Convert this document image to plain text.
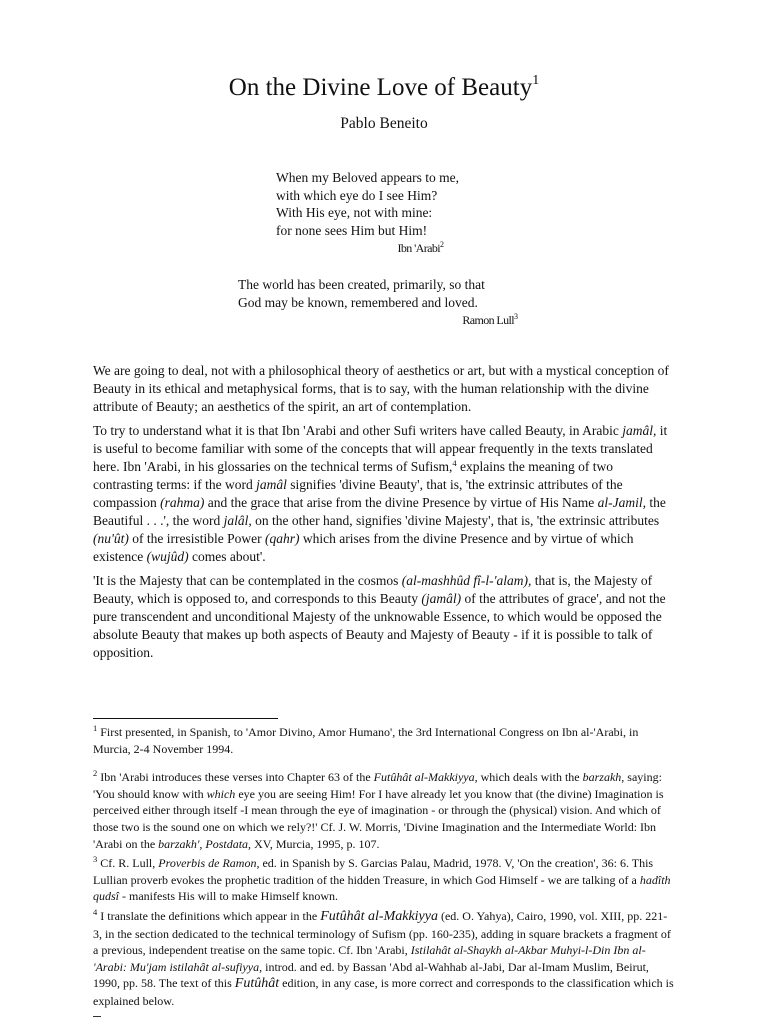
On the Divine Love of Beauty$^1$
Pablo Beneito
When my Beloved appears to me,
with which eye do I see Him?
With His eye, not with mine:
for none sees Him but Him!
Ibn 'Arabi$^2$
The world has been created, primarily, so that
God may be known, remembered and loved.
Ramon Lull$^3$

We are going to deal, not with a philosophical theory of aesthetics or art, but with a mystical conception of Beauty in its ethical and metaphysical forms, that is to say, with the human relationship with the divine attribute of Beauty; an aesthetics of the spirit, an art of contemplation.

To try to understand what it is that Ibn 'Arabi and other Sufi writers have called Beauty, in Arabic jamâl, it is useful to become familiar with some of the concepts that will appear frequently in the texts translated here. Ibn 'Arabi, in his glossaries on the technical terms of Sufism,$^4$ explains the meaning of two contrasting terms: if the word jamâl signifies 'divine Beauty', that is, 'the extrinsic attributes of the compassion (rahma) and the grace that arise from the divine Presence by virtue of His Name al-Jamil, the Beautiful . . .', the word jalâl, on the other hand, signifies 'divine Majesty', that is, 'the extrinsic attributes (nu'ût) of the irresistible Power (qahr) which arises from the divine Presence and by virtue of which existence (wujûd) comes about'.

'It is the Majesty that can be contemplated in the cosmos (al-mashhûd fî-l-'alam), that is, the Majesty of Beauty, which is opposed to, and corresponds to this Beauty (jamâl) of the attributes of grace', and not the pure transcendent and unconditional Majesty of the unknowable Essence, to which would be opposed the absolute Beauty that makes up both aspects of Beauty and Majesty of Beauty - if it is possible to talk of opposition.

$^1$ First presented, in Spanish, to 'Amor Divino, Amor Humano', the 3rd International Congress on Ibn al-'Arabi, in Murcia, 2-4 November 1994.

$^2$ Ibn 'Arabi introduces these verses into Chapter 63 of the Futûhât al-Makkiyya, which deals with the barzakh, saying: 'You should know with which eye you are seeing Him! For I have already let you know that (the divine) Imagination is perceived either through itself -I mean through the eye of imagination - or through the (physical) vision. And which of those two is the sound one on which we rely?!' Cf. J. W. Morris, 'Divine Imagination and the Intermediate World: Ibn 'Arabi on the barzakh', Postdata, XV, Murcia, 1995, p. 107.

$^3$ Cf. R. Lull, Proverbis de Ramon, ed. in Spanish by S. Garcias Palau, Madrid, 1978. V, 'On the creation', 36: 6. This Lullian proverb evokes the prophetic tradition of the hidden Treasure, in which God Himself - we are talking of a hadîth qudsî - manifests His will to make Himself known.

$^4$ I translate the definitions which appear in the Futûhât al-Makkiyya (ed. O. Yahya), Cairo, 1990, vol. XIII, pp. 221-3, in the section dedicated to the technical terminology of Sufism (pp. 160-235), adding in square brackets a fragment of a previous, independent treatise on the same topic. Cf. Ibn 'Arabi, Istilahât al-Shaykh al-Akbar Muhyi-l-Din Ibn al-'Arabi: Mu'jam istilahât al-sufiyya, introd. and ed. by Bassan 'Abd al-Wahhab al-Jabi, Dar al-Imam Muslim, Beirut, 1990, pp. 58. The text of this Futûhât edition, in any case, is more correct and corresponds to the classification which is explained below.
